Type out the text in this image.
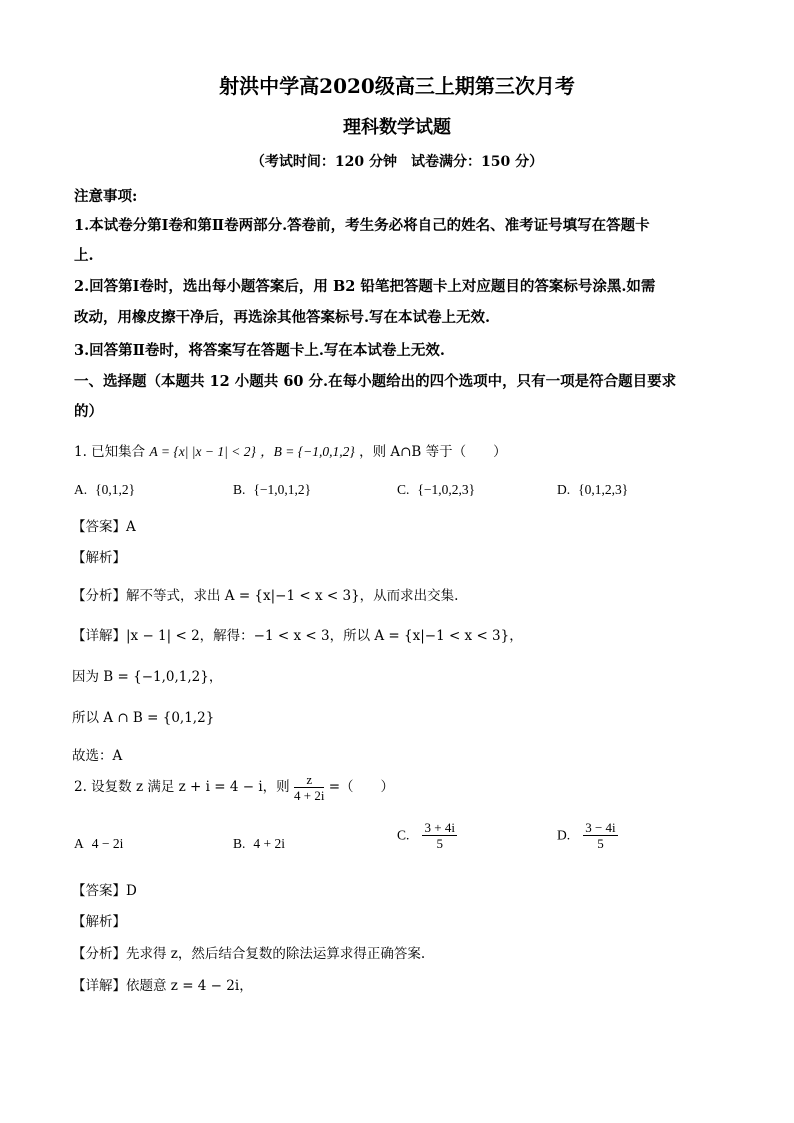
射洪中学高2020级高三上期第三次月考
理科数学试题
（考试时间：120 分钟　试卷满分：150 分）
注意事项:
1.本试卷分第Ⅰ卷和第Ⅱ卷两部分.答卷前，考生务必将自己的姓名、准考证号填写在答题卡
上.
2.回答第Ⅰ卷时，选出每小题答案后，用 B2 铅笔把答题卡上对应题目的答案标号涂黑.如需
改动，用橡皮擦干净后，再选涂其他答案标号.写在本试卷上无效.
3.回答第Ⅱ卷时，将答案写在答题卡上.写在本试卷上无效.
一、选择题（本题共 12 小题共 60 分.在每小题给出的四个选项中，只有一项是符合题目要求
的）
1. 已知集合 A = {x| |x − 1| < 2} ，B = {−1,0,1,2} ，则 A∩B 等于（　　）
A. {0,1,2}	B. {−1,0,1,2}	C. {−1,0,2,3}	D. {0,1,2,3}
【答案】A
【解析】
【分析】解不等式，求出 A = {x|−1 < x < 3}，从而求出交集.
【详解】|x − 1| < 2，解得：−1 < x < 3，所以 A = {x|−1 < x < 3}，
因为 B = {−1,0,1,2}，
所以 A ∩ B = {0,1,2}
故选：A
2. 设复数 z 满足 z + i = 4 − i，则 $\frac{z}{4 + 2i}$ =（　　）
A 4 − 2i	B. 4 + 2i
C. $\frac{3 + 4i}{5}$	D. $\frac{3 - 4i}{5}$
【答案】D
【解析】
【分析】先求得 z，然后结合复数的除法运算求得正确答案.
【详解】依题意 z = 4 − 2i，
